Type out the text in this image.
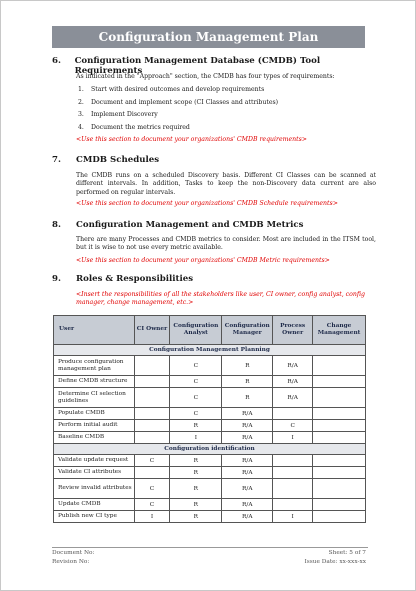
Configuration Management Plan
6.	Configuration Management Database (CMDB) Tool Requirements
As indicated in the "Approach" section, the CMDB has four types of requirements:
1.	Start with desired outcomes and develop requirements
2.	Document and implement scope (CI Classes and attributes)
3.	Implement Discovery
4.	Document the metrics required
<Use this section to document your organizations' CMDB requirements>
7.	CMDB Schedules
The CMDB runs on a scheduled Discovery basis. Different CI Classes can be scanned at different intervals. In addition, Tasks to keep the non-Discovery data current are also performed on regular intervals.
<Use this section to document your organizations' CMDB Schedule requirements>
8.	Configuration Management and CMDB Metrics
There are many Processes and CMDB metrics to consider. Most are included in the ITSM tool, but it is wise to not use every metric available.
<Use this section to document your organizations' CMDB Metric requirements>
9.	Roles & Responsibilities
<Insert the responsibilities of all the stakeholders like user, CI owner, config analyst, config manager, change management, etc.>
User	CI Owner	Configuration Analyst	Configuration Manager	Process Owner	Change Management
Configuration Management Planning					
Produce configuration management plan		C	R	R/A	
Define CMDB structure		C	R	R/A	
Determine CI selection guidelines		C	R	R/A	
Populate CMDB		C	R/A		
Perform initial audit		R	R/A	C	
Baseline CMDB		I	R/A	I	
Configuration identification					
Validate update request	C	R	R/A		
Validate CI attributes		R	R/A		
Review invalid attributes	C	R	R/A		
Update CMDB	C	R	R/A		
Publish new CI type	I	R	R/A	I	
Document No:
Revision No:
Sheet: 5 of 7
Issue Date: xx-xxx-xx
